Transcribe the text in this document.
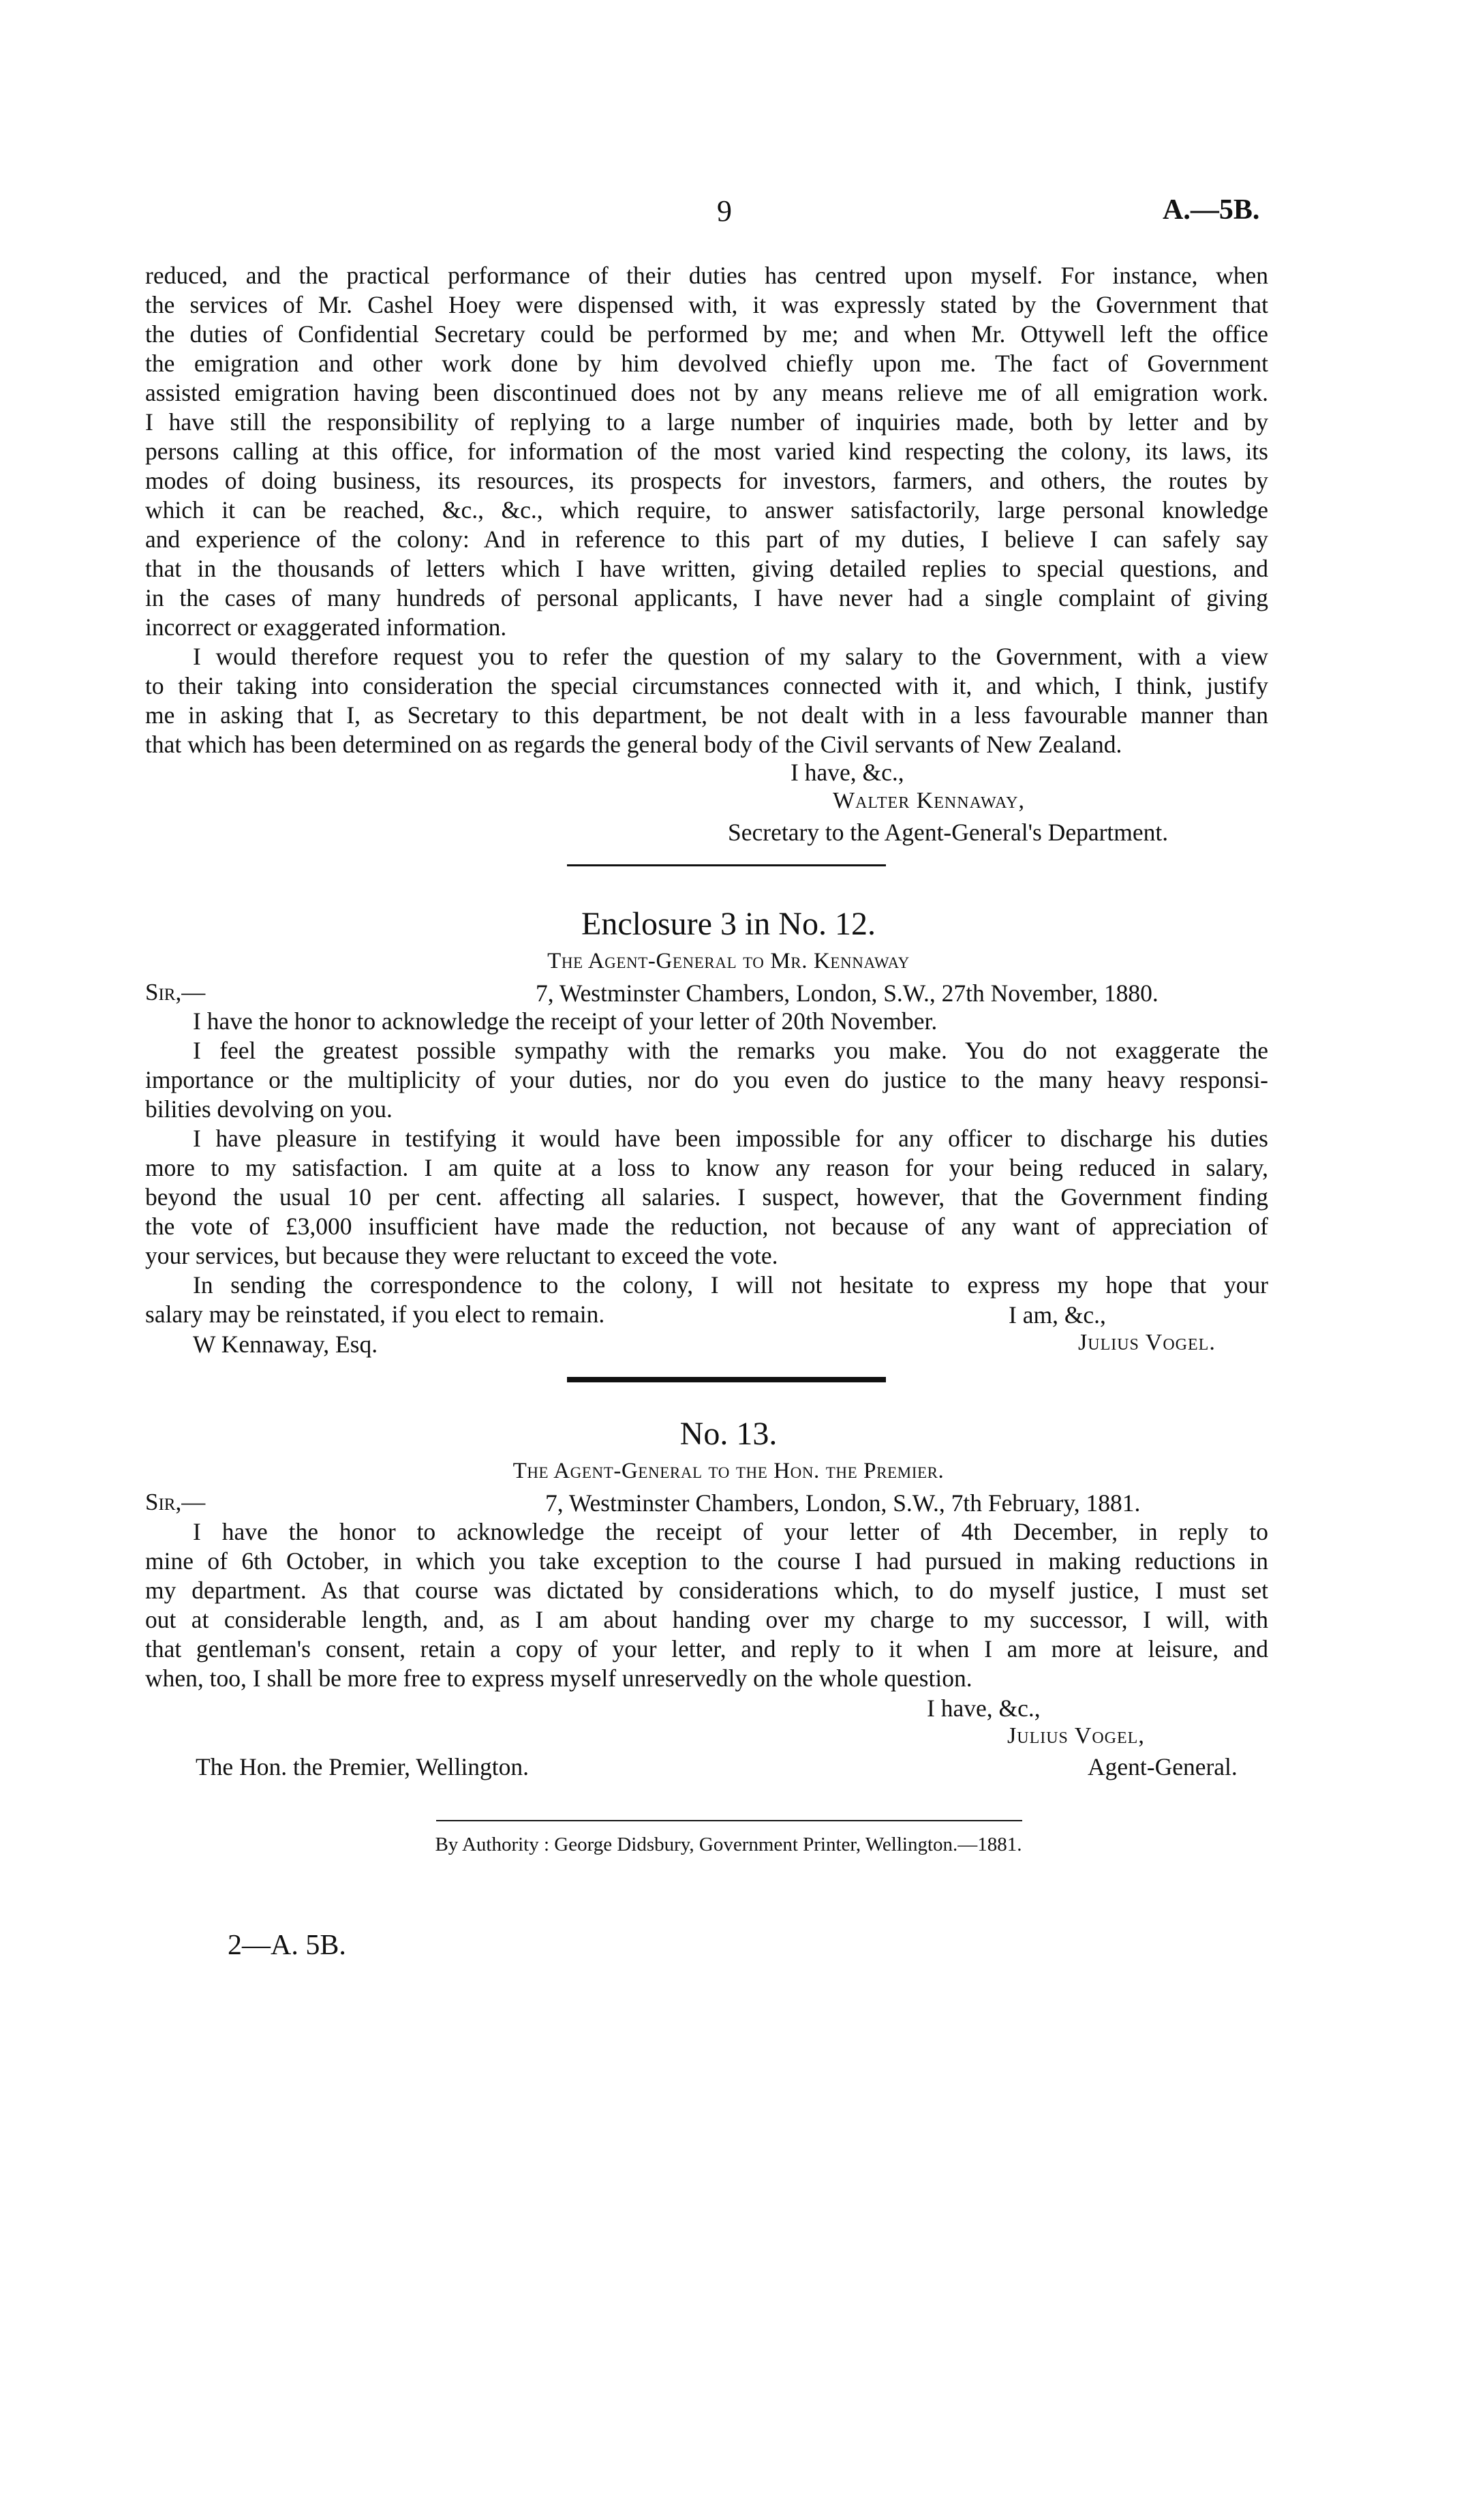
9	A.—5B.
reduced, and the practical performance of their duties has centred upon myself. For instance, when
the services of Mr. Cashel Hoey were dispensed with, it was expressly stated by the Government that
the duties of Confidential Secretary could be performed by me; and when Mr. Ottywell left the office
the emigration and other work done by him devolved chiefly upon me. The fact of Government
assisted emigration having been discontinued does not by any means relieve me of all emigration work.
I have still the responsibility of replying to a large number of inquiries made, both by letter and by
persons calling at this office, for information of the most varied kind respecting the colony, its laws, its
modes of doing business, its resources, its prospects for investors, farmers, and others, the routes by
which it can be reached, &c., &c., which require, to answer satisfactorily, large personal knowledge
and experience of the colony: And in reference to this part of my duties, I believe I can safely say
that in the thousands of letters which I have written, giving detailed replies to special questions, and
in the cases of many hundreds of personal applicants, I have never had a single complaint of giving
incorrect or exaggerated information.
I would therefore request you to refer the question of my salary to the Government, with a view
to their taking into consideration the special circumstances connected with it, and which, I think, justify
me in asking that I, as Secretary to this department, be not dealt with in a less favourable manner than
that which has been determined on as regards the general body of the Civil servants of New Zealand.
I have, &c.,
Walter Kennaway,
Secretary to the Agent-General's Department.
Enclosure 3 in No. 12.
The Agent-General to Mr. Kennaway
Sir,—	7, Westminster Chambers, London, S.W., 27th November, 1880.
I have the honor to acknowledge the receipt of your letter of 20th November.
I feel the greatest possible sympathy with the remarks you make. You do not exaggerate the
importance or the multiplicity of your duties, nor do you even do justice to the many heavy responsi-
bilities devolving on you.
I have pleasure in testifying it would have been impossible for any officer to discharge his duties
more to my satisfaction. I am quite at a loss to know any reason for your being reduced in salary,
beyond the usual 10 per cent. affecting all salaries. I suspect, however, that the Government finding
the vote of £3,000 insufficient have made the reduction, not because of any want of appreciation of
your services, but because they were reluctant to exceed the vote.
In sending the correspondence to the colony, I will not hesitate to express my hope that your
salary may be reinstated, if you elect to remain.	I am, &c.,
W Kennaway, Esq.	Julius Vogel.
No. 13.
The Agent-General to the Hon. the Premier.
Sir,—	7, Westminster Chambers, London, S.W., 7th February, 1881.
I have the honor to acknowledge the receipt of your letter of 4th December, in reply to
mine of 6th October, in which you take exception to the course I had pursued in making reductions in
my department. As that course was dictated by considerations which, to do myself justice, I must set
out at considerable length, and, as I am about handing over my charge to my successor, I will, with
that gentleman's consent, retain a copy of your letter, and reply to it when I am more at leisure, and
when, too, I shall be more free to express myself unreservedly on the whole question.
I have, &c.,
Julius Vogel,
The Hon. the Premier, Wellington.	Agent-General.
By Authority : George Didsbury, Government Printer, Wellington.—1881.
2—A. 5B.
